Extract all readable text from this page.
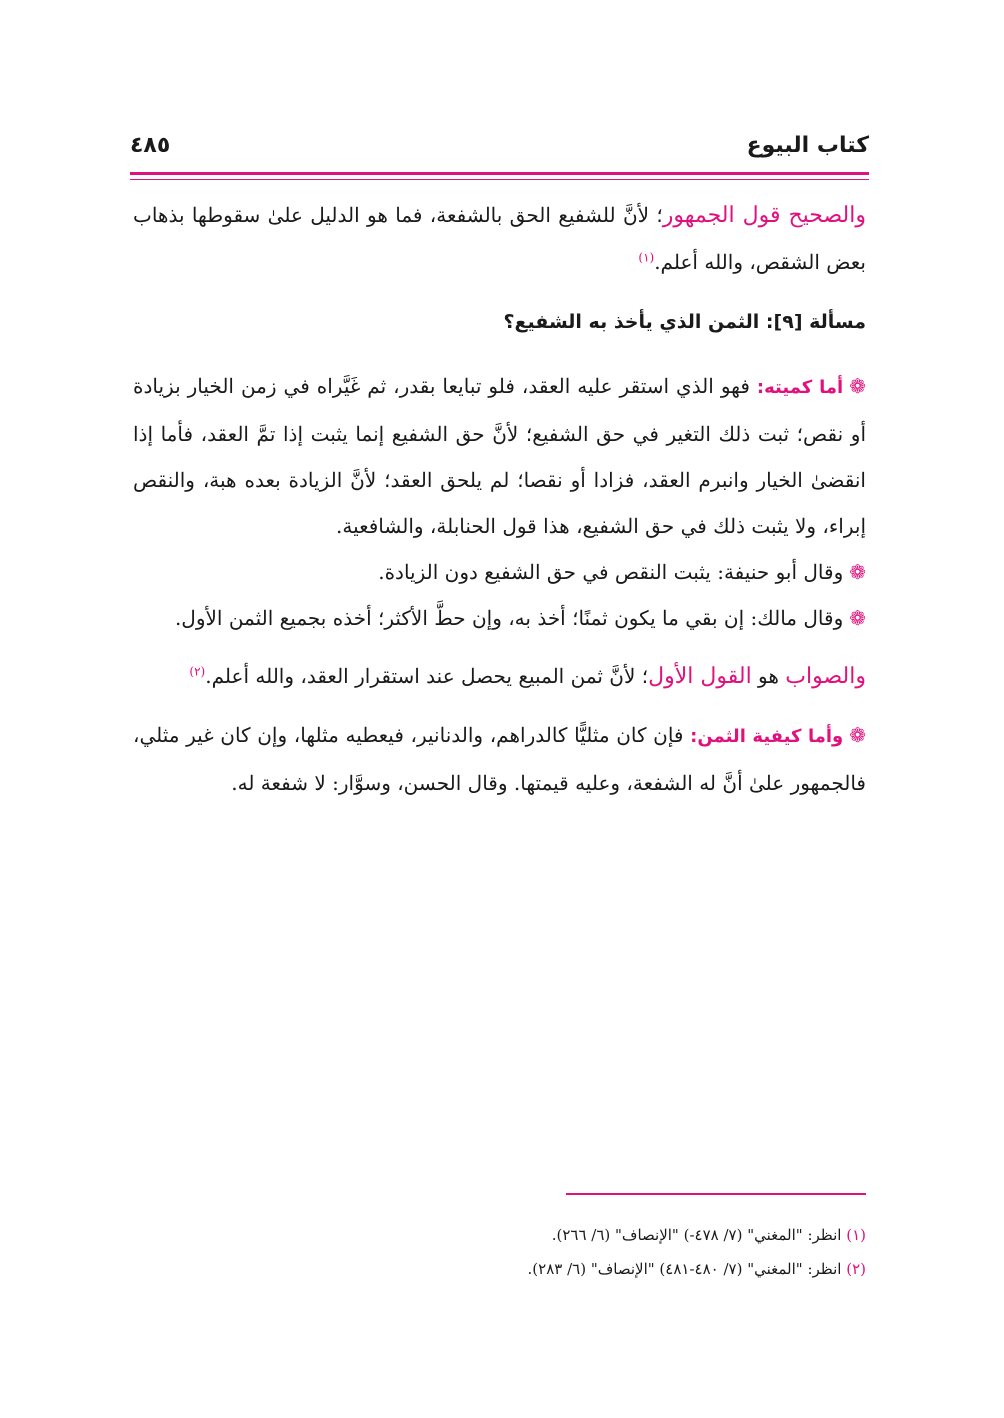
كتاب البيوع
٤٨٥

والصحيح قول الجمهور؛ لأنَّ للشفيع الحق بالشفعة، فما هو الدليل علىٰ سقوطها بذهاب بعض الشقص، والله أعلم.$^{(١)}$

مسألة [٩]: الثمن الذي يأخذ به الشفيع؟

❁أما كميته: فهو الذي استقر عليه العقد، فلو تبايعا بقدر، ثم غَيَّراه في زمن الخيار بزيادة أو نقص؛ ثبت ذلك التغير في حق الشفيع؛ لأنَّ حق الشفيع إنما يثبت إذا تمَّ العقد، فأما إذا انقضىٰ الخيار وانبرم العقد، فزادا أو نقصا؛ لم يلحق العقد؛ لأنَّ الزيادة بعده هبة، والنقص إبراء، ولا يثبت ذلك في حق الشفيع، هذا قول الحنابلة، والشافعية.

❁وقال أبو حنيفة: يثبت النقص في حق الشفيع دون الزيادة.

❁وقال مالك: إن بقي ما يكون ثمنًا؛ أخذ به، وإن حطَّ الأكثر؛ أخذه بجميع الثمن الأول.

والصواب هو القول الأول؛ لأنَّ ثمن المبيع يحصل عند استقرار العقد، والله أعلم.$^{(٢)}$

❁وأما كيفية الثمن: فإن كان مثليًّا كالدراهم، والدنانير، فيعطيه مثلها، وإن كان غير مثلي، فالجمهور علىٰ أنَّ له الشفعة، وعليه قيمتها. وقال الحسن، وسوَّار: لا شفعة له.

(١) انظر: "المغني" (٧/ ٤٧٨-) "الإنصاف" (٦/ ٢٦٦).
(٢) انظر: "المغني" (٧/ ٤٨٠-٤٨١) "الإنصاف" (٦/ ٢٨٣).
